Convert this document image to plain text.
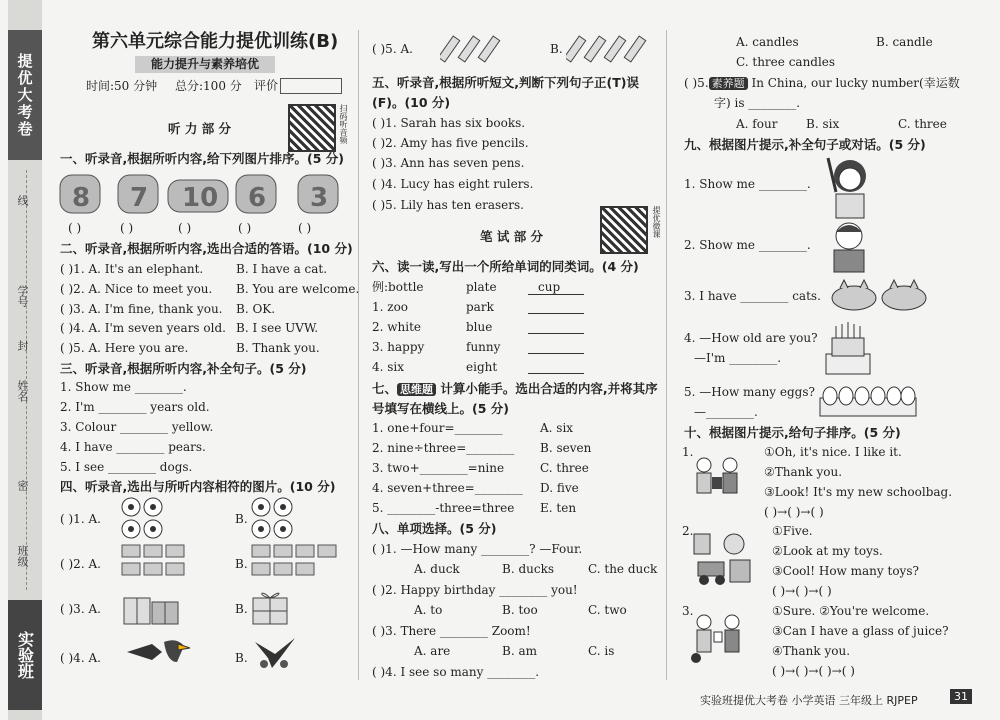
提优大考卷
线
学号
封
姓名
密
班级
实验班
第六单元综合能力提优训练(B)
能力提升与素养培优
时间:50 分钟 总分:100 分 评价
扫码听音频
听 力 部 分
一、听录音,根据所听内容,给下列图片排序。(5 分)
8 7 10 6 3
( )	( )	( )	( )	( )
二、听录音,根据所听内容,选出合适的答语。(10 分)
( )1. A. It's an elephant.	B. I have a cat.
( )2. A. Nice to meet you. B. You are welcome.
( )3. A. I'm fine, thank you. B. OK.
( )4. A. I'm seven years old. B. I see UVW.
( )5. A. Here you are.	B. Thank you.
三、听录音,根据所听内容,补全句子。(5 分)
1. Show me ________.
2. I'm ________ years old.
3. Colour ________ yellow.
4. I have ________ pears.
5. I see ________ dogs.
四、听录音,选出与所听内容相符的图片。(10 分)
( )1. A.	B.
( )2. A.	B.
( )3. A.	B.
( )4. A.	B.
( )5. A.	B.
五、听录音,根据所听短文,判断下列句子正(T)误
(F)。(10 分)
( )1. Sarah has six books.
( )2. Amy has five pencils.
( )3. Ann has seven pens.
( )4. Lucy has eight rulers.
( )5. Lily has ten erasers.
提优微课
笔 试 部 分
六、读一读,写出一个所给单词的同类词。(4 分)
例:bottle	plate	cup
1. zoo	park
2. white	blue
3. happy	funny
4. six	eight
七、 思维题 计算小能手。选出合适的内容,并将其序
号填写在横线上。(5 分)
1. one+four=________	A. six
2. nine÷three=________ B. seven
3. two+________=nine	C. three
4. seven+three=________ D. five
5. ________-three=three E. ten
八、单项选择。(5 分)
( )1. —How many ________? —Four.
A. duck	B. ducks	C. the duck
( )2. Happy birthday ________ you!
A. to	B. too	C. two
( )3. There ________ Zoom!
A. are	B. am	C. is
( )4. I see so many ________.
A. candles	B. candle
C. three candles
( )5. 素养题 In China, our lucky number(幸运数
字) is ________.
A. four B. six	C. three
九、根据图片提示,补全句子或对话。(5 分)
1. Show me ________.
2. Show me ________.
3. I have ________ cats.
4. —How old are you?
—I'm ________.
5. —How many eggs?
—________.
十、根据图片提示,给句子排序。(5 分)
1.	①Oh, it's nice. I like it.
②Thank you.
③Look! It's my new schoolbag.
( )→( )→( )
2.	①Five.
②Look at my toys.
③Cool! How many toys?
( )→( )→( )
3.	①Sure. ②You're welcome.
③Can I have a glass of juice?
④Thank you.
( )→( )→( )→( )
实验班提优大考卷 小学英语 三年级上 RJPEP	31
